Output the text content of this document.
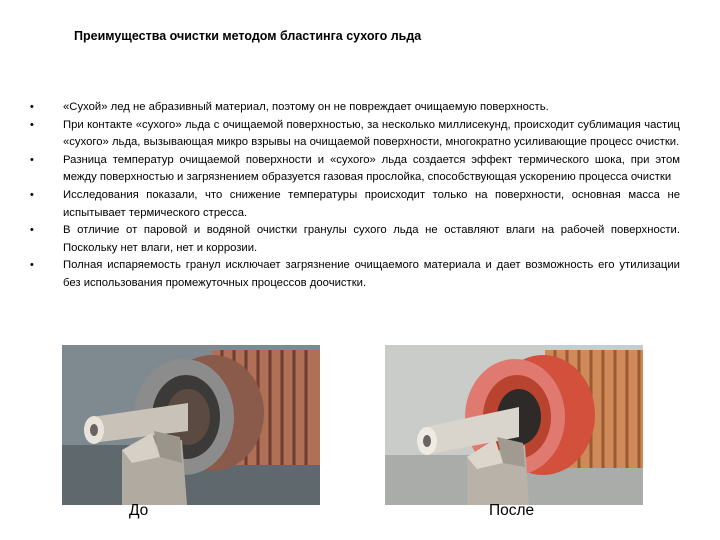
Преимущества очистки методом бластинга сухого льда
•	«Сухой» лед не абразивный материал, поэтому он не повреждает очищаемую поверхность.
•	При контакте «сухого» льда с очищаемой поверхностью, за несколько миллисекунд, происходит сублимация частиц «сухого» льда, вызывающая микро взрывы на очищаемой поверхности, многократно усиливающие процесс очистки.
•	Разница температур очищаемой поверхности и «сухого» льда создается эффект термического шока, при этом между поверхностью и загрязнением образуется газовая прослойка, способствующая ускорению процесса очистки
•	Исследования показали, что снижение температуры происходит только на поверхности, основная масса не испытывает термического стресса.
•	В отличие от паровой и водяной очистки гранулы сухого льда не оставляют влаги на рабочей поверхности. Поскольку нет влаги, нет и коррозии.
•	Полная испаряемость гранул исключает загрязнение очищаемого материала и дает возможность его утилизации без использования промежуточных процессов доочистки.
До	После
